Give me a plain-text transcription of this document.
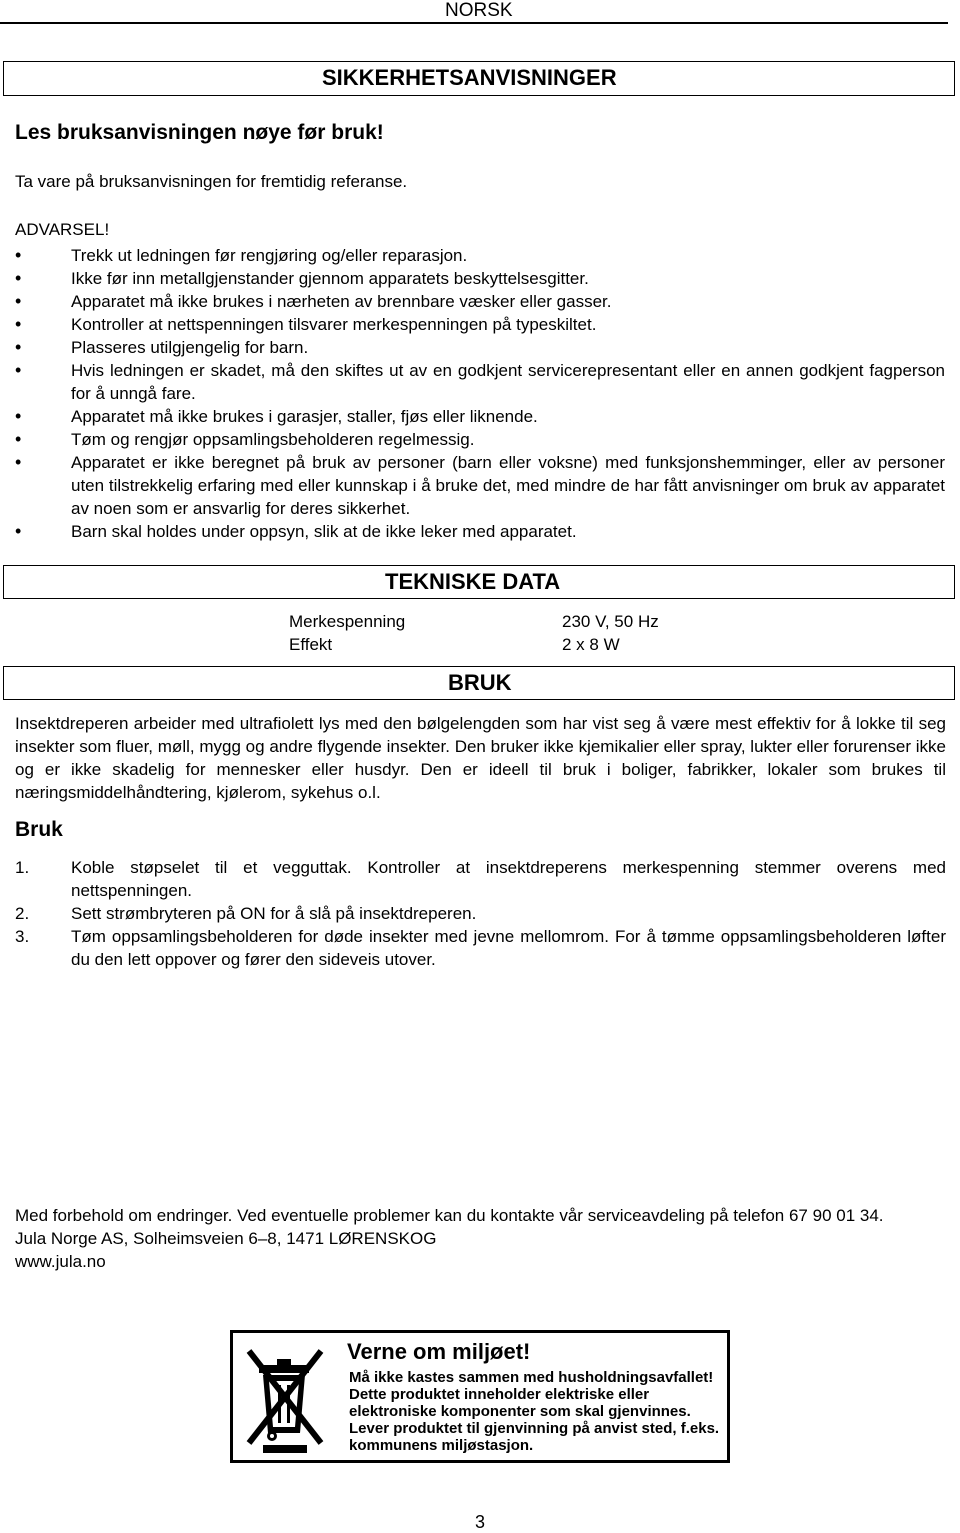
NORSK
SIKKERHETSANVISNINGER
Les bruksanvisningen nøye før bruk!
Ta vare på bruksanvisningen for fremtidig referanse.
ADVARSEL!
• Trekk ut ledningen før rengjøring og/eller reparasjon.
• Ikke før inn metallgjenstander gjennom apparatets beskyttelsesgitter.
• Apparatet må ikke brukes i nærheten av brennbare væsker eller gasser.
• Kontroller at nettspenningen tilsvarer merkespenningen på typeskiltet.
• Plasseres utilgjengelig for barn.
• Hvis ledningen er skadet, må den skiftes ut av en godkjent servicerepresentant eller en annen godkjent fagperson for å unngå fare.
• Apparatet må ikke brukes i garasjer, staller, fjøs eller liknende.
• Tøm og rengjør oppsamlingsbeholderen regelmessig.
• Apparatet er ikke beregnet på bruk av personer (barn eller voksne) med funksjonshemminger, eller av personer uten tilstrekkelig erfaring med eller kunnskap i å bruke det, med mindre de har fått anvisninger om bruk av apparatet av noen som er ansvarlig for deres sikkerhet.
• Barn skal holdes under oppsyn, slik at de ikke leker med apparatet.
TEKNISKE DATA
Merkespenning
Effekt
230 V, 50 Hz
2 x 8 W
BRUK
Insektdreperen arbeider med ultrafiolett lys med den bølgelengden som har vist seg å være mest effektiv for å lokke til seg insekter som fluer, møll, mygg og andre flygende insekter. Den bruker ikke kjemikalier eller spray, lukter eller forurenser ikke og er ikke skadelig for mennesker eller husdyr. Den er ideell til bruk i boliger, fabrikker, lokaler som brukes til næringsmiddelhåndtering, kjølerom, sykehus o.l.
Bruk
1. Koble støpselet til et vegguttak. Kontroller at insektdreperens merkespenning stemmer overens med nettspenningen.
2. Sett strømbryteren på ON for å slå på insektdreperen.
3. Tøm oppsamlingsbeholderen for døde insekter med jevne mellomrom. For å tømme oppsamlingsbeholderen løfter du den lett oppover og fører den sideveis utover.
Med forbehold om endringer. Ved eventuelle problemer kan du kontakte vår serviceavdeling på telefon 67 90 01 34.
Jula Norge AS, Solheimsveien 6–8, 1471 LØRENSKOG
www.jula.no
Verne om miljøet!
Må ikke kastes sammen med husholdningsavfallet!
Dette produktet inneholder elektriske eller
elektroniske komponenter som skal gjenvinnes.
Lever produktet til gjenvinning på anvist sted, f.eks.
kommunens miljøstasjon.
3
